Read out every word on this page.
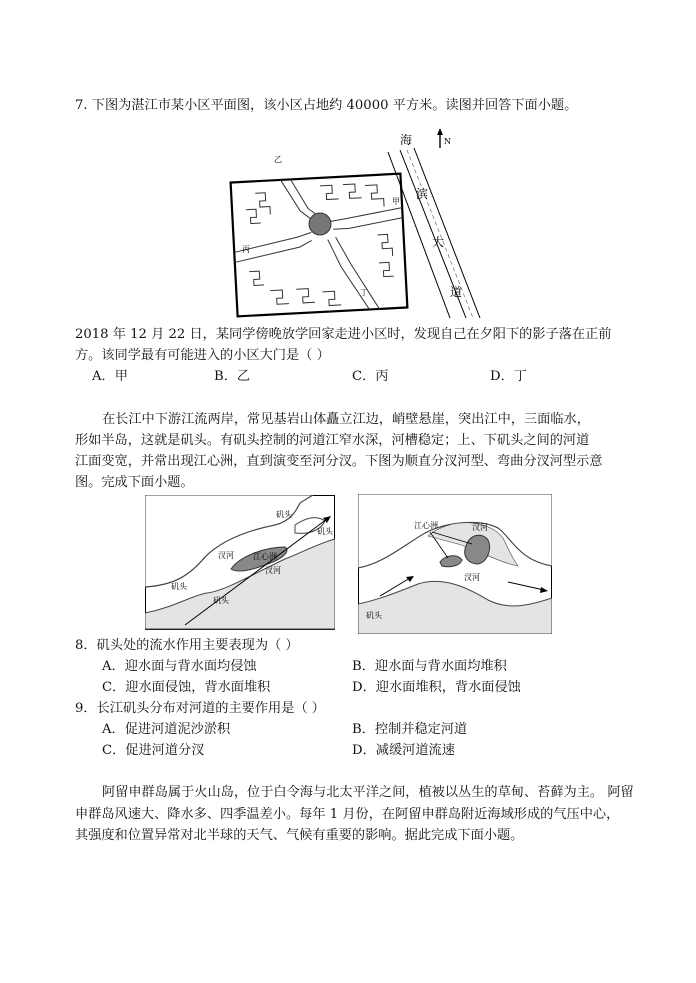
7. 下图为湛江市某小区平面图，该小区占地约 40000 平方米。读图并回答下面小题。
N
海
滨
大
道
乙
甲
丙
丁
2018 年 12 月 22 日，某同学傍晚放学回家走进小区时，发现自己在夕阳下的影子落在正前
方。该同学最有可能进入的小区大门是（ ）
A．甲	B．乙	C．丙	D．丁
在长江中下游江流两岸，常见基岩山体矗立江边，峭壁悬崖，突出江中，三面临水，
形如半岛，这就是矶头。有矶头控制的河道江窄水深，河槽稳定；上、下矶头之间的河道
江面变宽，并常出现江心洲，直到演变至河分汊。下图为顺直分汊河型、弯曲分汊河型示意
图。完成下面小题。
矶头
矶头
汊河 江心洲
汊河
矶头
矶头
江心洲	汊河
汊河
矶头
8．矶头处的流水作用主要表现为（ ）
A．迎水面与背水面均侵蚀	B．迎水面与背水面均堆积
C．迎水面侵蚀，背水面堆积	D．迎水面堆积，背水面侵蚀
9．长江矶头分布对河道的主要作用是（ ）
A．促进河道泥沙淤积	B．控制并稳定河道
C．促进河道分汊	D．减缓河道流速
阿留申群岛属于火山岛，位于白令海与北太平洋之间，植被以丛生的草甸、苔藓为主。 阿留
申群岛风速大、降水多、四季温差小。每年 1 月份，在阿留申群岛附近海域形成的气压中心，
其强度和位置异常对北半球的天气、气候有重要的影响。据此完成下面小题。
